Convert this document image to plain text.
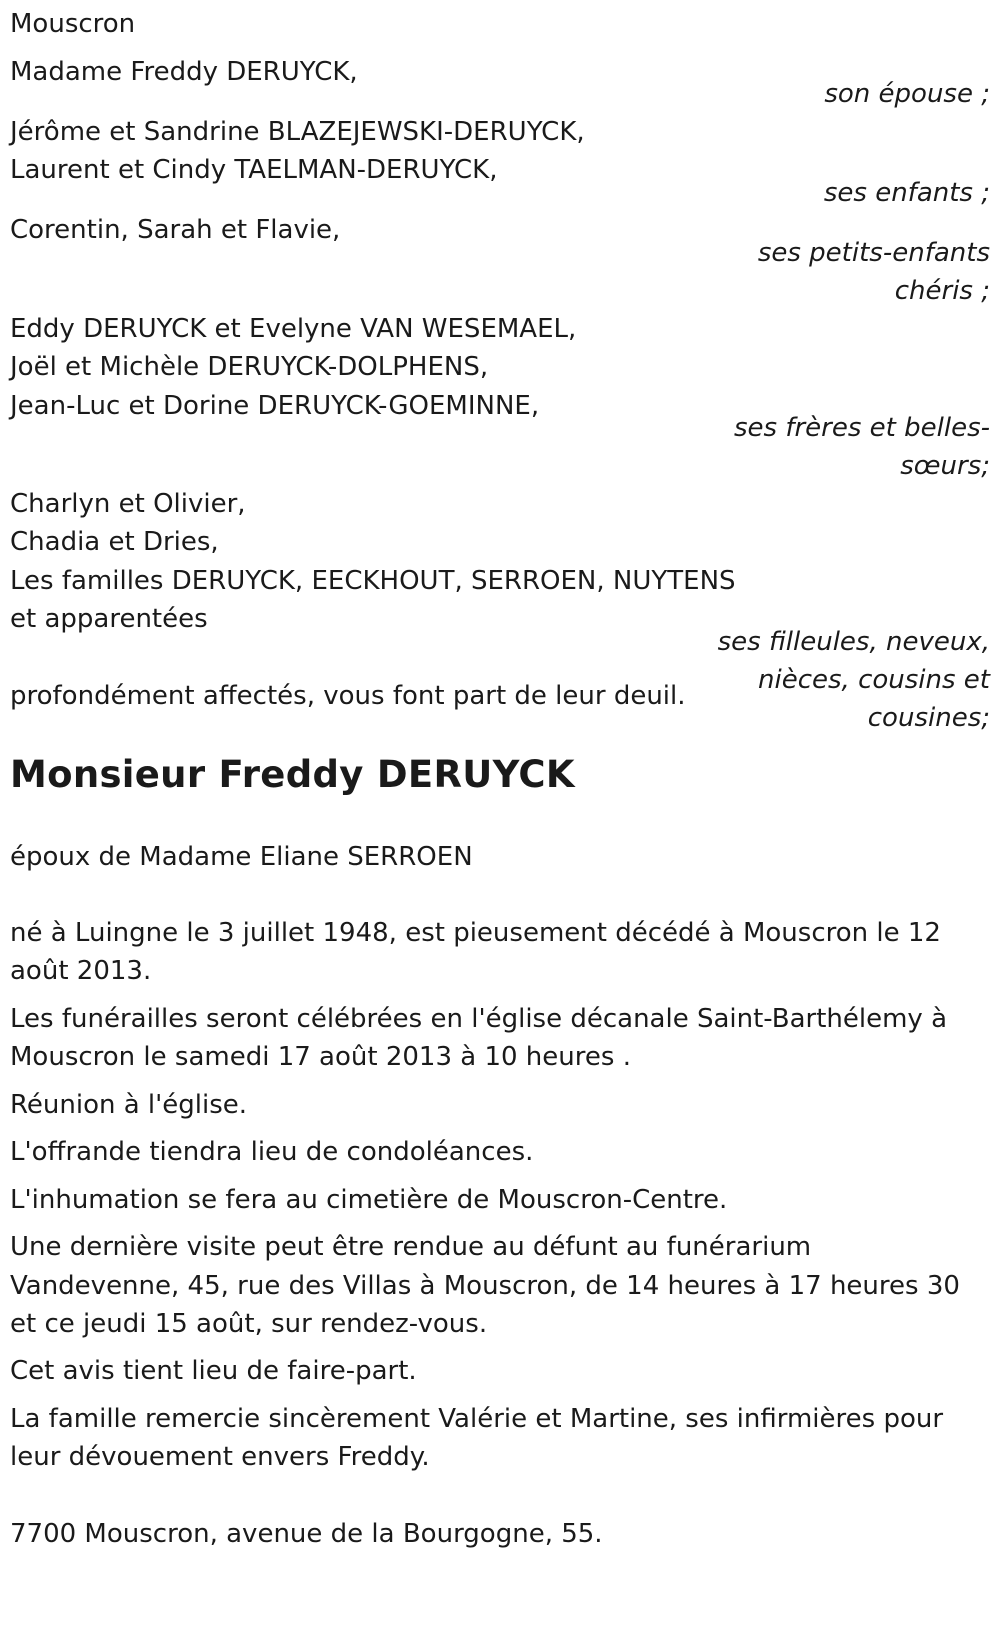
Mouscron
Madame Freddy DERUYCK,
son épouse ;
Jérôme et Sandrine BLAZEJEWSKI-DERUYCK,
Laurent et Cindy TAELMAN-DERUYCK,
ses enfants ;
Corentin, Sarah et Flavie,
ses petits-enfants
chéris ;
Eddy DERUYCK et Evelyne VAN WESEMAEL,
Joël et Michèle DERUYCK-DOLPHENS,
Jean-Luc et Dorine DERUYCK-GOEMINNE,
ses frères et belles-
sœurs;
Charlyn et Olivier,
Chadia et Dries,
Les familles DERUYCK, EECKHOUT, SERROEN, NUYTENS
et apparentées
ses filleules, neveux,
nièces, cousins et
cousines;
profondément affectés, vous font part de leur deuil.
Monsieur Freddy DERUYCK
époux de Madame Eliane SERROEN
né à Luingne le 3 juillet 1948, est pieusement décédé à Mouscron le 12
août 2013.
Les funérailles seront célébrées en l'église décanale Saint-Barthélemy à
Mouscron le samedi 17 août 2013 à 10 heures .
Réunion à l'église.
L'offrande tiendra lieu de condoléances.
L'inhumation se fera au cimetière de Mouscron-Centre.
Une dernière visite peut être rendue au défunt au funérarium
Vandevenne, 45, rue des Villas à Mouscron, de 14 heures à 17 heures 30
et ce jeudi 15 août, sur rendez-vous.
Cet avis tient lieu de faire-part.
La famille remercie sincèrement Valérie et Martine, ses infirmières pour
leur dévouement envers Freddy.
7700 Mouscron, avenue de la Bourgogne, 55.
